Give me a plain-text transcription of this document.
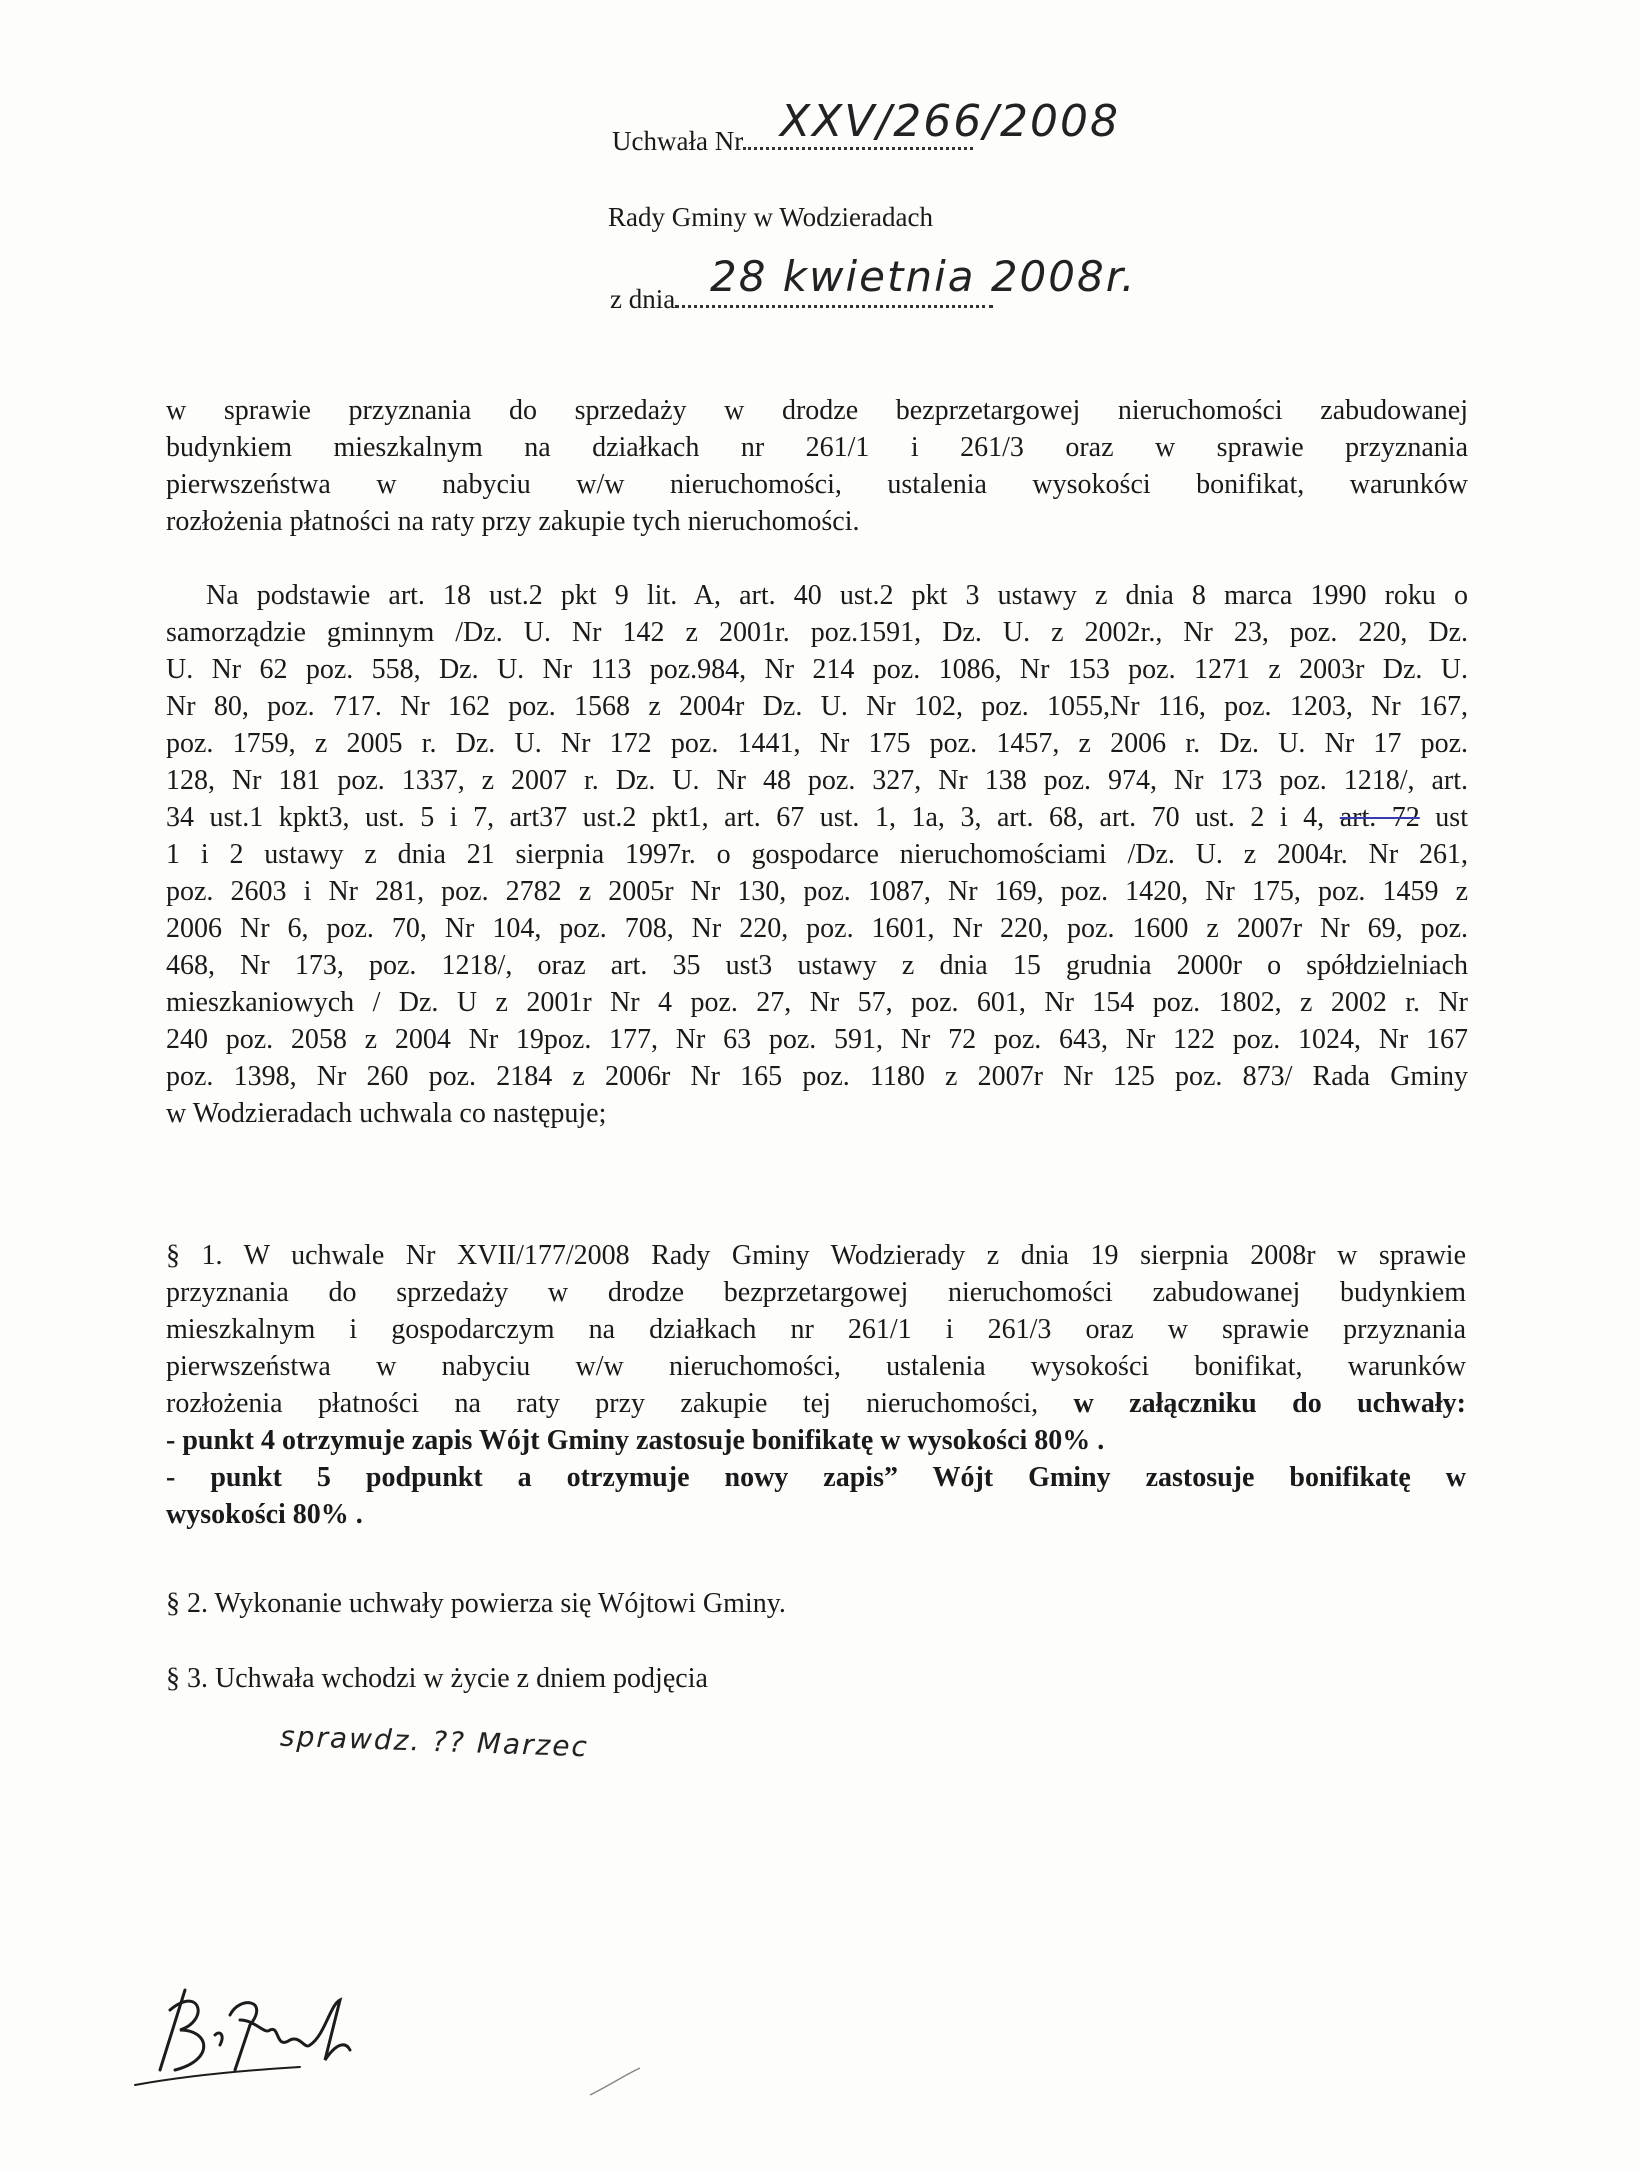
Uchwała Nr XXV/266/2008
Rady Gminy w Wodzieradach
z dnia 28 kwietnia 2008r.
w sprawie przyznania do sprzedaży w drodze bezprzetargowej nieruchomości zabudowanej
budynkiem mieszkalnym na działkach nr 261/1 i 261/3 oraz w sprawie przyznania
pierwszeństwa w nabyciu w/w nieruchomości, ustalenia wysokości bonifikat, warunków
rozłożenia płatności na raty przy zakupie tych nieruchomości.
Na podstawie art. 18 ust.2 pkt 9 lit. A, art. 40 ust.2 pkt 3 ustawy z dnia 8 marca 1990 roku o
samorządzie gminnym /Dz. U. Nr 142 z 2001r. poz.1591, Dz. U. z 2002r., Nr 23, poz. 220, Dz.
U. Nr 62 poz. 558, Dz. U. Nr 113 poz.984, Nr 214 poz. 1086, Nr 153 poz. 1271 z 2003r Dz. U.
Nr 80, poz. 717. Nr 162 poz. 1568 z 2004r Dz. U. Nr 102, poz. 1055,Nr 116, poz. 1203, Nr 167,
poz. 1759, z 2005 r. Dz. U. Nr 172 poz. 1441, Nr 175 poz. 1457, z 2006 r. Dz. U. Nr 17 poz.
128, Nr 181 poz. 1337, z 2007 r. Dz. U. Nr 48 poz. 327, Nr 138 poz. 974, Nr 173 poz. 1218/, art.
34 ust.1 kpkt3, ust. 5 i 7, art37 ust.2 pkt1, art. 67 ust. 1, 1a, 3, art. 68, art. 70 ust. 2 i 4, art. 72 ust
1 i 2 ustawy z dnia 21 sierpnia 1997r. o gospodarce nieruchomościami /Dz. U. z 2004r. Nr 261,
poz. 2603 i Nr 281, poz. 2782 z 2005r Nr 130, poz. 1087, Nr 169, poz. 1420, Nr 175, poz. 1459 z
2006 Nr 6, poz. 70, Nr 104, poz. 708, Nr 220, poz. 1601, Nr 220, poz. 1600 z 2007r Nr 69, poz.
468, Nr 173, poz. 1218/, oraz art. 35 ust3 ustawy z dnia 15 grudnia 2000r o spółdzielniach
mieszkaniowych / Dz. U z 2001r Nr 4 poz. 27, Nr 57, poz. 601, Nr 154 poz. 1802, z 2002 r. Nr
240 poz. 2058 z 2004 Nr 19poz. 177, Nr 63 poz. 591, Nr 72 poz. 643, Nr 122 poz. 1024, Nr 167
poz. 1398, Nr 260 poz. 2184 z 2006r Nr 165 poz. 1180 z 2007r Nr 125 poz. 873/ Rada Gminy
w Wodzieradach uchwala co następuje;
§ 1. W uchwale Nr XVII/177/2008 Rady Gminy Wodzierady z dnia 19 sierpnia 2008r w sprawie
przyznania do sprzedaży w drodze bezprzetargowej nieruchomości zabudowanej budynkiem
mieszkalnym i gospodarczym na działkach nr 261/1 i 261/3 oraz w sprawie przyznania
pierwszeństwa w nabyciu w/w nieruchomości, ustalenia wysokości bonifikat, warunków
rozłożenia płatności na raty przy zakupie tej nieruchomości, w załączniku do uchwały:
- punkt 4 otrzymuje zapis Wójt Gminy zastosuje bonifikatę w wysokości 80% .
- punkt 5 podpunkt a otrzymuje nowy zapis” Wójt Gminy zastosuje bonifikatę w
wysokości 80% .
§ 2. Wykonanie uchwały powierza się Wójtowi Gminy.
§ 3. Uchwała wchodzi w życie z dniem podjęcia
sprawdz. ?? Marzec
